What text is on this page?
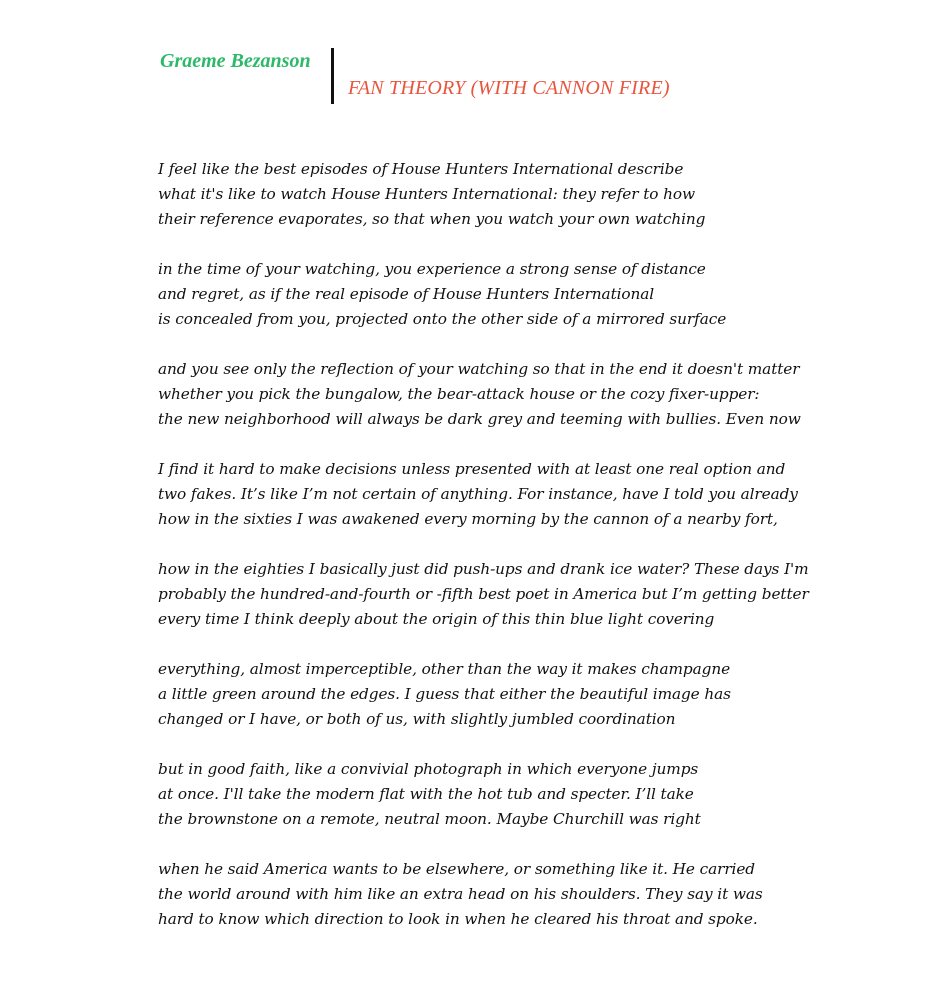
Graeme Bezanson
FAN THEORY (WITH CANNON FIRE)
I feel like the best episodes of House Hunters International describe
what it's like to watch House Hunters International: they refer to how
their reference evaporates, so that when you watch your own watching
in the time of your watching, you experience a strong sense of distance
and regret, as if the real episode of House Hunters International
is concealed from you, projected onto the other side of a mirrored surface
and you see only the reflection of your watching so that in the end it doesn't matter
whether you pick the bungalow, the bear-attack house or the cozy fixer-upper:
the new neighborhood will always be dark grey and teeming with bullies. Even now
I find it hard to make decisions unless presented with at least one real option and
two fakes. It’s like I’m not certain of anything. For instance, have I told you already
how in the sixties I was awakened every morning by the cannon of a nearby fort,
how in the eighties I basically just did push-ups and drank ice water? These days I'm
probably the hundred-and-fourth or -fifth best poet in America but I’m getting better
every time I think deeply about the origin of this thin blue light covering
everything, almost imperceptible, other than the way it makes champagne
a little green around the edges. I guess that either the beautiful image has
changed or I have, or both of us, with slightly jumbled coordination
but in good faith, like a convivial photograph in which everyone jumps
at once. I'll take the modern flat with the hot tub and specter. I’ll take
the brownstone on a remote, neutral moon. Maybe Churchill was right
when he said America wants to be elsewhere, or something like it. He carried
the world around with him like an extra head on his shoulders. They say it was
hard to know which direction to look in when he cleared his throat and spoke.
